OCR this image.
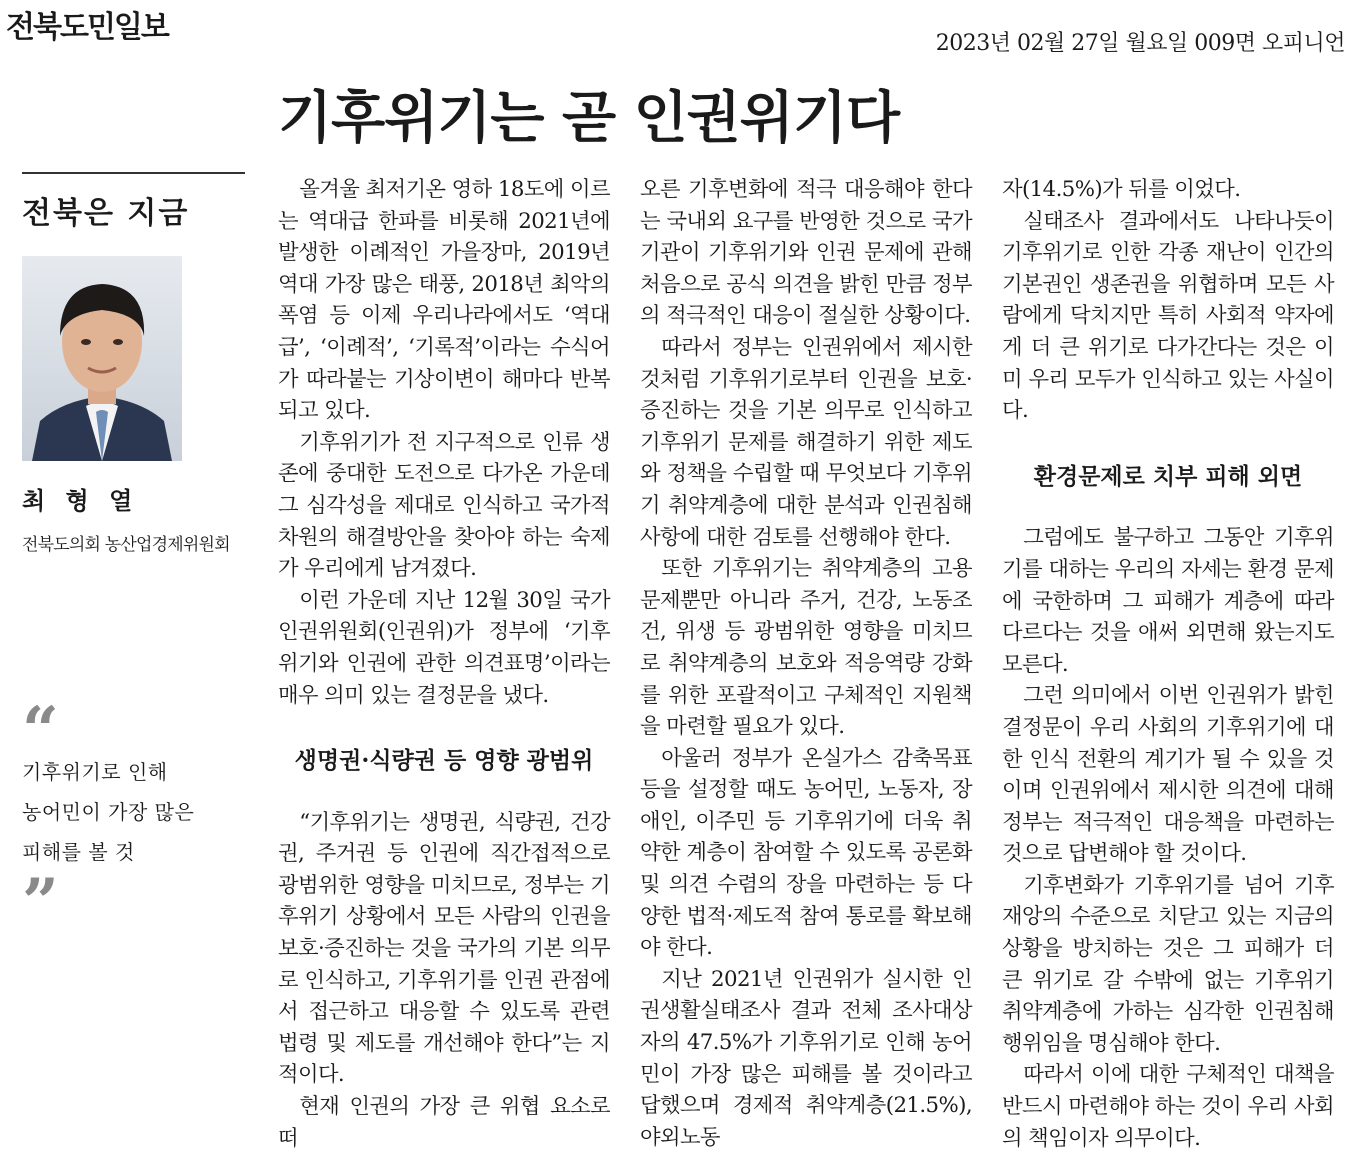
전북도민일보	2023년 02월 27일 월요일 009면 오피니언
기후위기는 곧 인권위기다
전북은 지금
최 형 열
전북도의회 농산업경제위원회
“
기후위기로 인해
농어민이 가장 많은
피해를 볼 것
”

올겨울 최저기온 영하 18도에 이르는 역대급 한파를 비롯해 2021년에 발생한 이례적인 가을장마, 2019년 역대 가장 많은 태풍, 2018년 최악의 폭염 등 이제 우리나라에서도 ‘역대급’, ‘이례적’, ‘기록적’이라는 수식어가 따라붙는 기상이변이 해마다 반복되고 있다.

기후위기가 전 지구적으로 인류 생존에 중대한 도전으로 다가온 가운데 그 심각성을 제대로 인식하고 국가적 차원의 해결방안을 찾아야 하는 숙제가 우리에게 남겨졌다.

이런 가운데 지난 12월 30일 국가인권위원회(인권위)가 정부에 ‘기후위기와 인권에 관한 의견표명’이라는 매우 의미 있는 결정문을 냈다.

생명권·식량권 등 영향 광범위

“기후위기는 생명권, 식량권, 건강권, 주거권 등 인권에 직간접적으로 광범위한 영향을 미치므로, 정부는 기후위기 상황에서 모든 사람의 인권을 보호·증진하는 것을 국가의 기본 의무로 인식하고, 기후위기를 인권 관점에서 접근하고 대응할 수 있도록 관련 법령 및 제도를 개선해야 한다”는 지적이다.

현재 인권의 가장 큰 위협 요소로 떠

오른 기후변화에 적극 대응해야 한다는 국내외 요구를 반영한 것으로 국가기관이 기후위기와 인권 문제에 관해 처음으로 공식 의견을 밝힌 만큼 정부의 적극적인 대응이 절실한 상황이다.

따라서 정부는 인권위에서 제시한 것처럼 기후위기로부터 인권을 보호·증진하는 것을 기본 의무로 인식하고 기후위기 문제를 해결하기 위한 제도와 정책을 수립할 때 무엇보다 기후위기 취약계층에 대한 분석과 인권침해 사항에 대한 검토를 선행해야 한다.

또한 기후위기는 취약계층의 고용문제뿐만 아니라 주거, 건강, 노동조건, 위생 등 광범위한 영향을 미치므로 취약계층의 보호와 적응역량 강화를 위한 포괄적이고 구체적인 지원책을 마련할 필요가 있다.

아울러 정부가 온실가스 감축목표 등을 설정할 때도 농어민, 노동자, 장애인, 이주민 등 기후위기에 더욱 취약한 계층이 참여할 수 있도록 공론화 및 의견 수렴의 장을 마련하는 등 다양한 법적·제도적 참여 통로를 확보해야 한다.

지난 2021년 인권위가 실시한 인권생활실태조사 결과 전체 조사대상자의 47.5%가 기후위기로 인해 농어민이 가장 많은 피해를 볼 것이라고 답했으며 경제적 취약계층(21.5%), 야외노동

자(14.5%)가 뒤를 이었다.

실태조사 결과에서도 나타나듯이 기후위기로 인한 각종 재난이 인간의 기본권인 생존권을 위협하며 모든 사람에게 닥치지만 특히 사회적 약자에게 더 큰 위기로 다가간다는 것은 이미 우리 모두가 인식하고 있는 사실이다.

환경문제로 치부 피해 외면

그럼에도 불구하고 그동안 기후위기를 대하는 우리의 자세는 환경 문제에 국한하며 그 피해가 계층에 따라 다르다는 것을 애써 외면해 왔는지도 모른다.

그런 의미에서 이번 인권위가 밝힌 결정문이 우리 사회의 기후위기에 대한 인식 전환의 계기가 될 수 있을 것이며 인권위에서 제시한 의견에 대해 정부는 적극적인 대응책을 마련하는 것으로 답변해야 할 것이다.

기후변화가 기후위기를 넘어 기후재앙의 수준으로 치닫고 있는 지금의 상황을 방치하는 것은 그 피해가 더 큰 위기로 갈 수밖에 없는 기후위기 취약계층에 가하는 심각한 인권침해 행위임을 명심해야 한다.

따라서 이에 대한 구체적인 대책을 반드시 마련해야 하는 것이 우리 사회의 책임이자 의무이다.
